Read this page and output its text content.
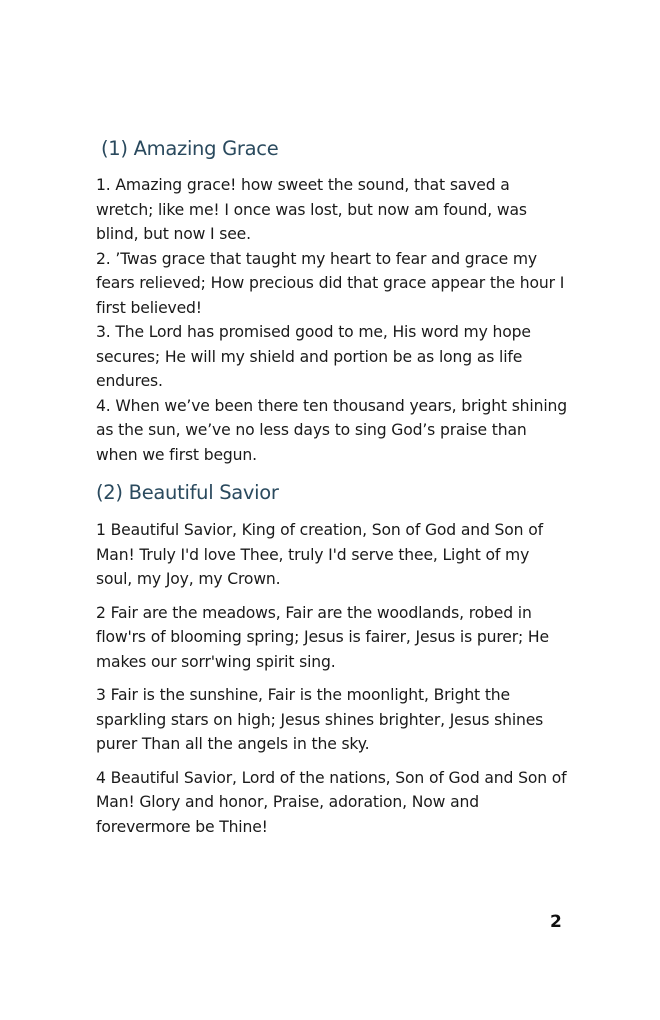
(1) Amazing Grace

1. Amazing grace! how sweet the sound, that saved a wretch; like me! I once was lost, but now am found, was blind, but now I see.

2. ’Twas grace that taught my heart to fear and grace my fears relieved; How precious did that grace appear the hour I first believed!

3. The Lord has promised good to me, His word my hope secures; He will my shield and portion be as long as life endures.

4. When we’ve been there ten thousand years, bright shining as the sun, we’ve no less days to sing God’s praise than when we first begun.

(2) Beautiful Savior

1 Beautiful Savior, King of creation, Son of God and Son of Man! Truly I'd love Thee, truly I'd serve thee, Light of my soul, my Joy, my Crown.

2 Fair are the meadows, Fair are the woodlands, robed in flow'rs of blooming spring; Jesus is fairer, Jesus is purer; He makes our sorr'wing spirit sing.

3 Fair is the sunshine, Fair is the moonlight, Bright the sparkling stars on high; Jesus shines brighter, Jesus shines purer Than all the angels in the sky.

4 Beautiful Savior, Lord of the nations, Son of God and Son of Man! Glory and honor, Praise, adoration, Now and forevermore be Thine!

2
